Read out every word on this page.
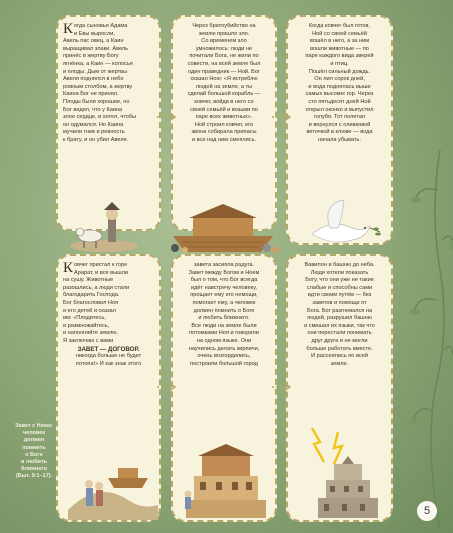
К огда сыновья Адама
и Евы выросли,
Авель пас овец, а Каин
выращивал злаки. Авель
принёс в жертву Богу
ягнёнка, а Каин — колосья
и плоды. Дым от жертвы
Авеля поднялся в небо
ровным столбом, а жертву
Каина Бог не принял.
Плоды были хорошие, но
Бог видел, что у Каина
злое сердце, и хотел, чтобы
он одумался. Но Каина
мучили гнев и ревность
к брату, и он убил Авеля.

Через братоубийство на
землю пришло зло.
Со временем зло
умножилось: люди не
почитали Бога, не жили по
совести, на всей земле был
один праведник — Ной. Бог
сказал Ною: «Я истреблю
людей на земле, а ты
сделай большой корабль —
ковчег, войди в него со
своей семьёй и возьми по
паре всех животных».
Ной строил ковчег, его
звона собирала припасы
и все над ним смеялись.

Когда ковчег был готов,
Ной со своей семьёй
вошёл в него, а за ним
вошли животные — по
паре каждого вида зверей
и птиц.
Пошёл сильный дождь.
Он лил сорок дней,
и вода поднялась выше
самых высоких гор. Через
сто пятьдесят дней Ной
открыл оконко и выпустил
голубя. Тот полетал
и вернулся с оливковой
веточкой в клюве — вода
начала убывать.

К овчег пристал к горе
Арарат, и все вышли
на сушу. Животные
разошлись, а люди стали
благодарить Господа.
Бог благословил Ноя
и его детей и сказал
им: «Плодитесь,
и размножайтесь,
и наполняйте землю.
Я заключаю с вами

ЗАВЕТ — ДОГОВОР.

никогда больше не будет
потопа!» И как знак этого

завета засияла радуга.
Завет между Богом и Ноем
был о том, что Бог всегда
идёт навстречу человеку,
прощает ему его немощи,
помогает ему, а человек
должен помнить о Боге
и любить ближнего.
Все люди на земле были
потомками Ноя и говорили
на одном языке. Они
научились делать кирпичи,
очень возгордились,
построили большой город

Вавилон и башню до неба.
Люди хотели показать
Богу, что они уже не такие
слабые и способны сами
идти своим путём — без
заветов и помощи от
Бога. Бог разгневался на
людей, разрушил башню
и смешал их языки, так что
они перестали понимать
друг друга и не могли
больше работать вместе.
И рассеялись по всей
земле.

Завет с Ноем:
человек
должен
помнить
о Боге
и любить
ближнего
(Быт. 9:1–17).

5
